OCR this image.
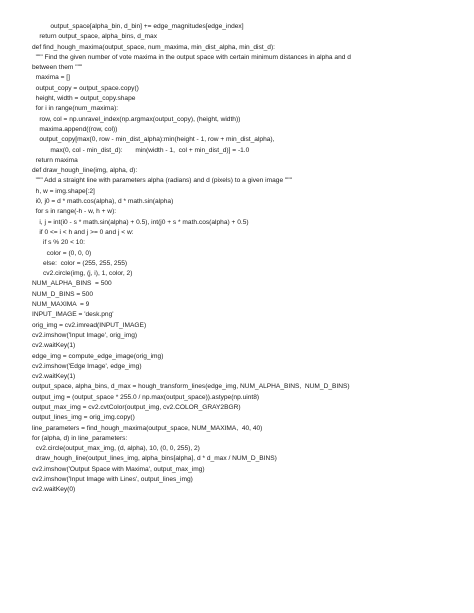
output_space[alpha_bin, d_bin] += edge_magnitudes[edge_index]
return output_space, alpha_bins, d_max
def find_hough_maxima(output_space, num_maxima, min_dist_alpha, min_dist_d):
""" Find the given number of vote maxima in the output space with certain minimum distances in alpha and d
between them """
maxima = []
output_copy = output_space.copy()
height, width = output_copy.shape
for i in range(num_maxima):
row, col = np.unravel_index(np.argmax(output_copy), (height, width))
maxima.append((row, col))
output_copy[max(0, row - min_dist_alpha):min(height - 1, row + min_dist_alpha),
max(0, col - min_dist_d):       min(width - 1,  col + min_dist_d)] = -1.0
return maxima
def draw_hough_line(img, alpha, d):
""" Add a straight line with parameters alpha (radians) and d (pixels) to a given image """
h, w = img.shape[:2]
i0, j0 = d * math.cos(alpha), d * math.sin(alpha)
for s in range(-h - w, h + w):
i, j = int(i0 - s * math.sin(alpha) + 0.5), int(j0 + s * math.cos(alpha) + 0.5)
if 0 <= i < h and j >= 0 and j < w:
if s % 20 < 10:
color = (0, 0, 0)
else:  color = (255, 255, 255)
cv2.circle(img, (j, i), 1, color, 2)
NUM_ALPHA_BINS  = 500
NUM_D_BINS = 500
NUM_MAXIMA  = 9
INPUT_IMAGE = 'desk.png'
orig_img = cv2.imread(INPUT_IMAGE)
cv2.imshow('Input Image', orig_img)
cv2.waitKey(1)
edge_img = compute_edge_image(orig_img)
cv2.imshow('Edge Image', edge_img)
cv2.waitKey(1)
output_space, alpha_bins, d_max = hough_transform_lines(edge_img, NUM_ALPHA_BINS,  NUM_D_BINS)
output_img = (output_space * 255.0 / np.max(output_space)).astype(np.uint8)
output_max_img = cv2.cvtColor(output_img, cv2.COLOR_GRAY2BGR)
output_lines_img = orig_img.copy()
line_parameters = find_hough_maxima(output_space, NUM_MAXIMA,  40, 40)
for (alpha, d) in line_parameters:
cv2.circle(output_max_img, (d, alpha), 10, (0, 0, 255), 2)
draw_hough_line(output_lines_img, alpha_bins[alpha], d * d_max / NUM_D_BINS)
cv2.imshow('Output Space with Maxima', output_max_img)
cv2.imshow('Input Image with Lines', output_lines_img)
cv2.waitKey(0)
